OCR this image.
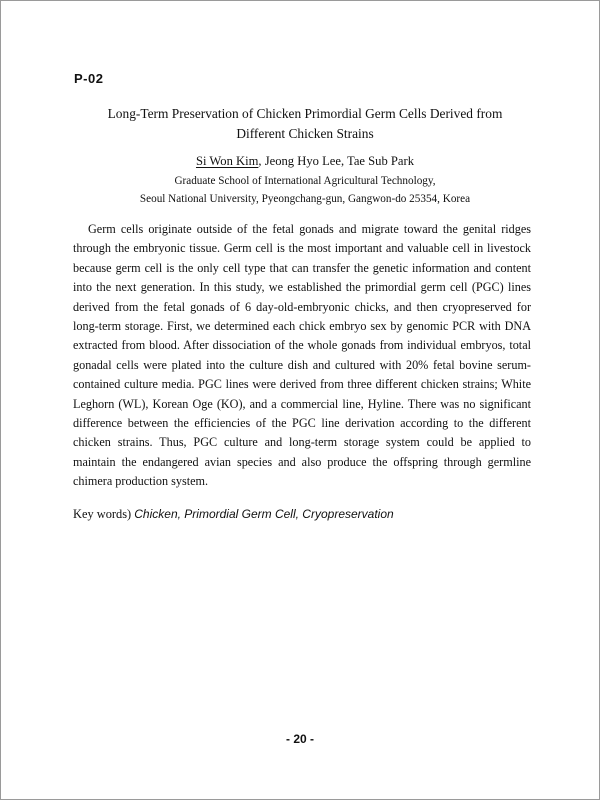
P-02
Long-Term Preservation of Chicken Primordial Germ Cells Derived from
Different Chicken Strains
Si Won Kim, Jeong Hyo Lee, Tae Sub Park
Graduate School of International Agricultural Technology,
Seoul National University, Pyeongchang-gun, Gangwon-do 25354, Korea

Germ cells originate outside of the fetal gonads and migrate toward the genital ridges through the embryonic tissue. Germ cell is the most important and valuable cell in livestock because germ cell is the only cell type that can transfer the genetic information and content into the next generation. In this study, we established the primordial germ cell (PGC) lines derived from the fetal gonads of 6 day-old-embryonic chicks, and then cryopreserved for long-term storage. First, we determined each chick embryo sex by genomic PCR with DNA extracted from blood. After dissociation of the whole gonads from individual embryos, total gonadal cells were plated into the culture dish and cultured with 20% fetal bovine serum-contained culture media. PGC lines were derived from three different chicken strains; White Leghorn (WL), Korean Oge (KO), and a commercial line, Hyline. There was no significant difference between the efficiencies of the PGC line derivation according to the different chicken strains. Thus, PGC culture and long-term storage system could be applied to maintain the endangered avian species and also produce the offspring through germline chimera production system.

Key words) Chicken, Primordial Germ Cell, Cryopreservation
- 20 -
